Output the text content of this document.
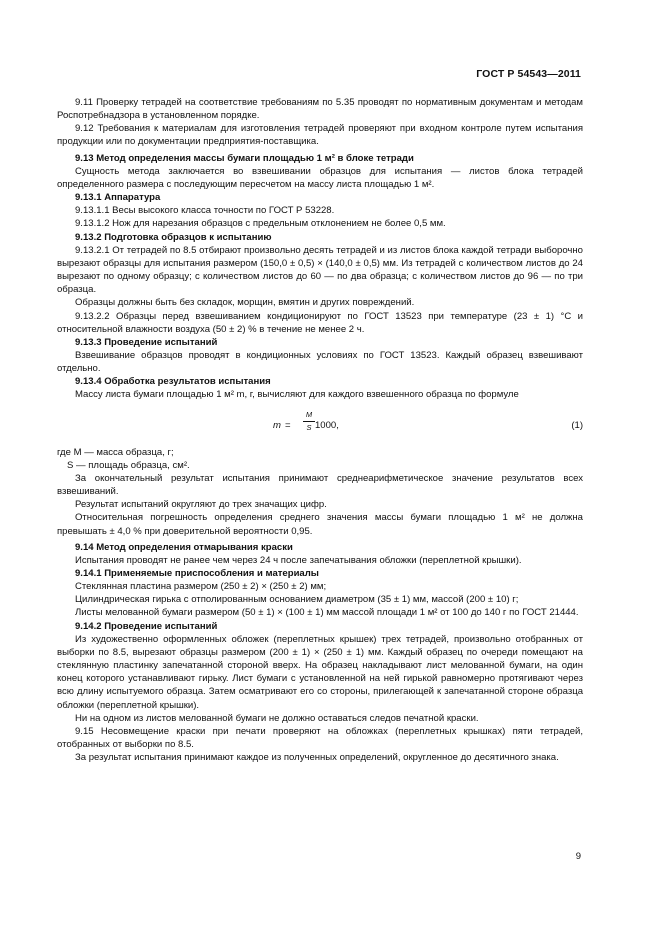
ГОСТ Р 54543—2011

9.11 Проверку тетрадей на соответствие требованиям по 5.35 проводят по нормативным документам и методам Роспотребнадзора в установленном порядке.

9.12 Требования к материалам для изготовления тетрадей проверяют при входном контроле путем испытания продукции или по документации предприятия-поставщика.

9.13 Метод определения массы бумаги площадью 1 м² в блоке тетради

Сущность метода заключается во взвешивании образцов для испытания — листов блока тетрадей определенного размера с последующим пересчетом на массу листа площадью 1 м².

9.13.1 Аппаратура

9.13.1.1 Весы высокого класса точности по ГОСТ Р 53228.

9.13.1.2 Нож для нарезания образцов с предельным отклонением не более 0,5 мм.

9.13.2 Подготовка образцов к испытанию

9.13.2.1 От тетрадей по 8.5 отбирают произвольно десять тетрадей и из листов блока каждой тетради выборочно вырезают образцы для испытания размером (150,0 ± 0,5) × (140,0 ± 0,5) мм. Из тетрадей с количеством листов до 24 вырезают по одному образцу; с количеством листов до 60 — по два образца; с количеством листов до 96 — по три образца.

Образцы должны быть без складок, морщин, вмятин и других повреждений.

9.13.2.2 Образцы перед взвешиванием кондиционируют по ГОСТ 13523 при температуре (23 ± 1) °С и относительной влажности воздуха (50 ± 2) % в течение не менее 2 ч.

9.13.3 Проведение испытаний

Взвешивание образцов проводят в кондиционных условиях по ГОСТ 13523. Каждый образец взвешивают отдельно.

9.13.4 Обработка результатов испытания

Массу листа бумаги площадью 1 м² m, г, вычисляют для каждого взвешенного образца по формуле

m =
M
S 1000,	(1)

где M — масса образца, г;

S — площадь образца, см².

За окончательный результат испытания принимают среднеарифметическое значение результатов всех взвешиваний.

Результат испытаний округляют до трех значащих цифр.

Относительная погрешность определения среднего значения массы бумаги площадью 1 м² не должна превышать ± 4,0 % при доверительной вероятности 0,95.

9.14 Метод определения отмарывания краски

Испытания проводят не ранее чем через 24 ч после запечатывания обложки (переплетной крышки).

9.14.1 Применяемые приспособления и материалы

Стеклянная пластина размером (250 ± 2) × (250 ± 2) мм;

Цилиндрическая гирька с отполированным основанием диаметром (35 ± 1) мм, массой (200 ± 10) г;

Листы мелованной бумаги размером (50 ± 1) × (100 ± 1) мм массой площади 1 м² от 100 до 140 г по ГОСТ 21444.

9.14.2 Проведение испытаний

Из художественно оформленных обложек (переплетных крышек) трех тетрадей, произвольно отобранных от выборки по 8.5, вырезают образцы размером (200 ± 1) × (250 ± 1) мм. Каждый образец по очереди помещают на стеклянную пластинку запечатанной стороной вверх. На образец накладывают лист мелованной бумаги, на один конец которого устанавливают гирьку. Лист бумаги с установленной на ней гирькой равномерно протягивают через всю длину испытуемого образца. Затем осматривают его со стороны, прилегающей к запечатанной стороне образца обложки (переплетной крышки).

Ни на одном из листов мелованной бумаги не должно оставаться следов печатной краски.

9.15 Несовмещение краски при печати проверяют на обложках (переплетных крышках) пяти тетрадей, отобранных от выборки по 8.5.

За результат испытания принимают каждое из полученных определений, округленное до десятичного знака.

9
